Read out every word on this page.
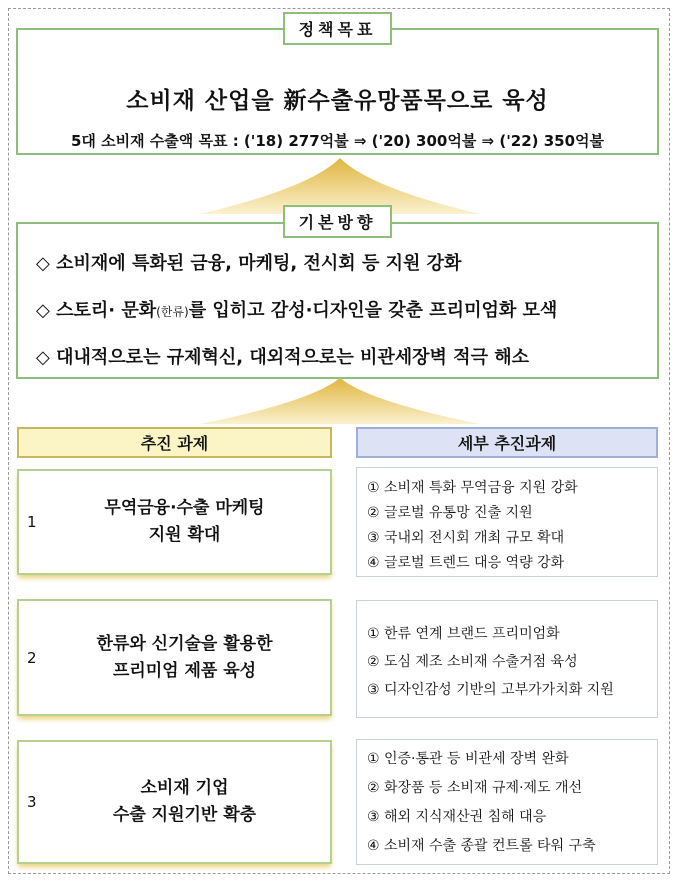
소비재 산업을 新수출유망품목으로 육성
5대 소비재 수출액 목표 : ('18) 277억불 ⇒ ('20) 300억불 ⇒ ('22) 350억불
정책목표
◇ 소비재에 특화된 금융, 마케팅, 전시회 등 지원 강화
◇ 스토리· 문화(한류)를 입히고 감성·디자인을 갖춘 프리미엄화 모색
◇ 대내적으로는 규제혁신, 대외적으로는 비관세장벽 적극 해소
기본방향
추진 과제	세부 추진과제
1
무역금융·수출 마케팅
지원 확대
① 소비재 특화 무역금융 지원 강화
② 글로벌 유통망 진출 지원
③ 국내외 전시회 개최 규모 확대
④ 글로벌 트렌드 대응 역량 강화
2
한류와 신기술을 활용한
프리미엄 제품 육성
① 한류 연계 브랜드 프리미엄화
② 도심 제조 소비재 수출거점 육성
③ 디자인감성 기반의 고부가가치화 지원
3
소비재 기업
수출 지원기반 확충
① 인증·통관 등 비관세 장벽 완화
② 화장품 등 소비재 규제·제도 개선
③ 해외 지식재산권 침해 대응
④ 소비재 수출 종괄 컨트롤 타워 구축
